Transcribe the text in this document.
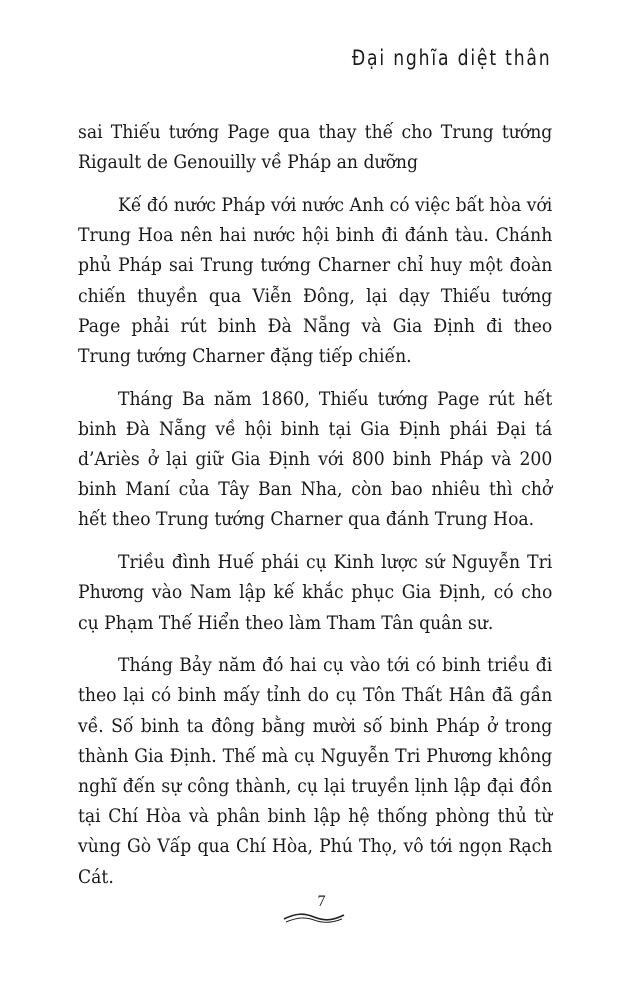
Đại nghĩa diệt thân

sai Thiếu tướng Page qua thay thế cho Trung tướng Rigault de Genouilly về Pháp an dưỡng

Kế đó nước Pháp với nước Anh có việc bất hòa với Trung Hoa nên hai nước hội binh đi đánh tàu. Chánh phủ Pháp sai Trung tướng Charner chỉ huy một đoàn chiến thuyền qua Viễn Đông, lại dạy Thiếu tướng Page phải rút binh Đà Nẵng và Gia Định đi theo Trung tướng Charner đặng tiếp chiến.

Tháng Ba năm 1860, Thiếu tướng Page rút hết binh Đà Nẵng về hội binh tại Gia Định phái Đại tá d’Ariès ở lại giữ Gia Định với 800 binh Pháp và 200 binh Maní của Tây Ban Nha, còn bao nhiêu thì chở hết theo Trung tướng Charner qua đánh Trung Hoa.

Triều đình Huế phái cụ Kinh lược sứ Nguyễn Tri Phương vào Nam lập kế khắc phục Gia Định, có cho cụ Phạm Thế Hiển theo làm Tham Tân quân sư.

Tháng Bảy năm đó hai cụ vào tới có binh triều đi theo lại có binh mấy tỉnh do cụ Tôn Thất Hân đã gần về. Số binh ta đông bằng mười số binh Pháp ở trong thành Gia Định. Thế mà cụ Nguyễn Tri Phương không nghĩ đến sự công thành, cụ lại truyền lịnh lập đại đồn tại Chí Hòa và phân binh lập hệ thống phòng thủ từ vùng Gò Vấp qua Chí Hòa, Phú Thọ, vô tới ngọn Rạch Cát.

7
